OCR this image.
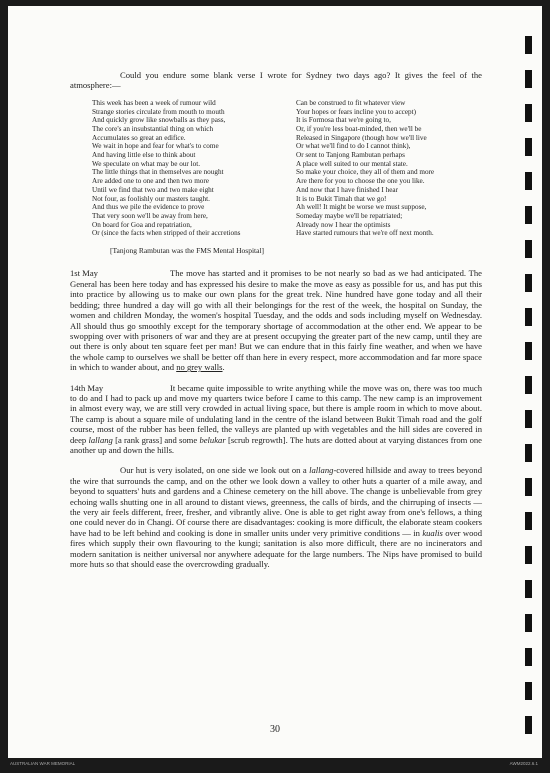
Could you endure some blank verse I wrote for Sydney two days ago? It gives the feel of the atmosphere:—

This week has been a week of rumour wild
Strange stories circulate from mouth to mouth
And quickly grow like snowballs as they pass,
The core's an insubstantial thing on which
Accumulates so great an edifice.
We wait in hope and fear for what's to come
And having little else to think about
We speculate on what may be our lot.
The little things that in themselves are nought
Are added one to one and then two more
Until we find that two and two make eight
Not four, as foolishly our masters taught.
And thus we pile the evidence to prove
That very soon we'll be away from here,
On board for Goa and repatriation,
Or (since the facts when stripped of their accretions
Can be construed to fit whatever view
Your hopes or fears incline you to accept)
It is Formosa that we're going to,
Or, if you're less boat-minded, then we'll be
Released in Singapore (though how we'll live
Or what we'll find to do I cannot think),
Or sent to Tanjong Rambutan perhaps
A place well suited to our mental state.
So make your choice, they all of them and more
Are there for you to choose the one you like.
And now that I have finished I hear
It is to Bukit Timah that we go!
Ah well! It might be worse we must suppose,
Someday maybe we'll be repatriated;
Already now I hear the optimists
Have started rumours that we're off next month.
[Tanjong Rambutan was the FMS Mental Hospital]

1st May	The move has started and it promises to be not nearly so bad as we had anticipated. The General has been here today and has expressed his desire to make the move as easy as possible for us, and has put this into practice by allowing us to make our own plans for the great trek. Nine hundred have gone today and all their bedding; three hundred a day will go with all their belongings for the rest of the week, the hospital on Sunday, the women and children Monday, the women's hospital Tuesday, and the odds and sods including myself on Wednesday. All should thus go smoothly except for the temporary shortage of accommodation at the other end. We appear to be swopping over with prisoners of war and they are at present occupying the greater part of the new camp, until they are out there is only about ten square feet per man! But we can endure that in this fairly fine weather, and when we have the whole camp to ourselves we shall be better off than here in every respect, more accommodation and far more space in which to wander about, and no grey walls.

14th May	It became quite impossible to write anything while the move was on, there was too much to do and I had to pack up and move my quarters twice before I came to this camp. The new camp is an improvement in almost every way, we are still very crowded in actual living space, but there is ample room in which to move about. The camp is about a square mile of undulating land in the centre of the island between Bukit Timah road and the golf course, most of the rubber has been felled, the valleys are planted up with vegetables and the hill sides are covered in deep lallang [a rank grass] and some belukar [scrub regrowth]. The huts are dotted about at varying distances from one another up and down the hills.

Our hut is very isolated, on one side we look out on a lallang-covered hillside and away to trees beyond the wire that surrounds the camp, and on the other we look down a valley to other huts a quarter of a mile away, and beyond to squatters' huts and gardens and a Chinese cemetery on the hill above. The change is unbelievable from grey echoing walls shutting one in all around to distant views, greenness, the calls of birds, and the chirruping of insects — the very air feels different, freer, fresher, and vibrantly alive. One is able to get right away from one's fellows, a thing one could never do in Changi. Of course there are disadvantages: cooking is more difficult, the elaborate steam cookers have had to be left behind and cooking is done in smaller units under very primitive conditions — in kualis over wood fires which supply their own flavouring to the kungi; sanitation is also more difficult, there are no incinerators and modern sanitation is neither universal nor anywhere adequate for the large numbers. The Nips have promised to build more huts so that should ease the overcrowding gradually.

30
AUSTRALIAN WAR MEMORIAL	AWM2022.6.1
